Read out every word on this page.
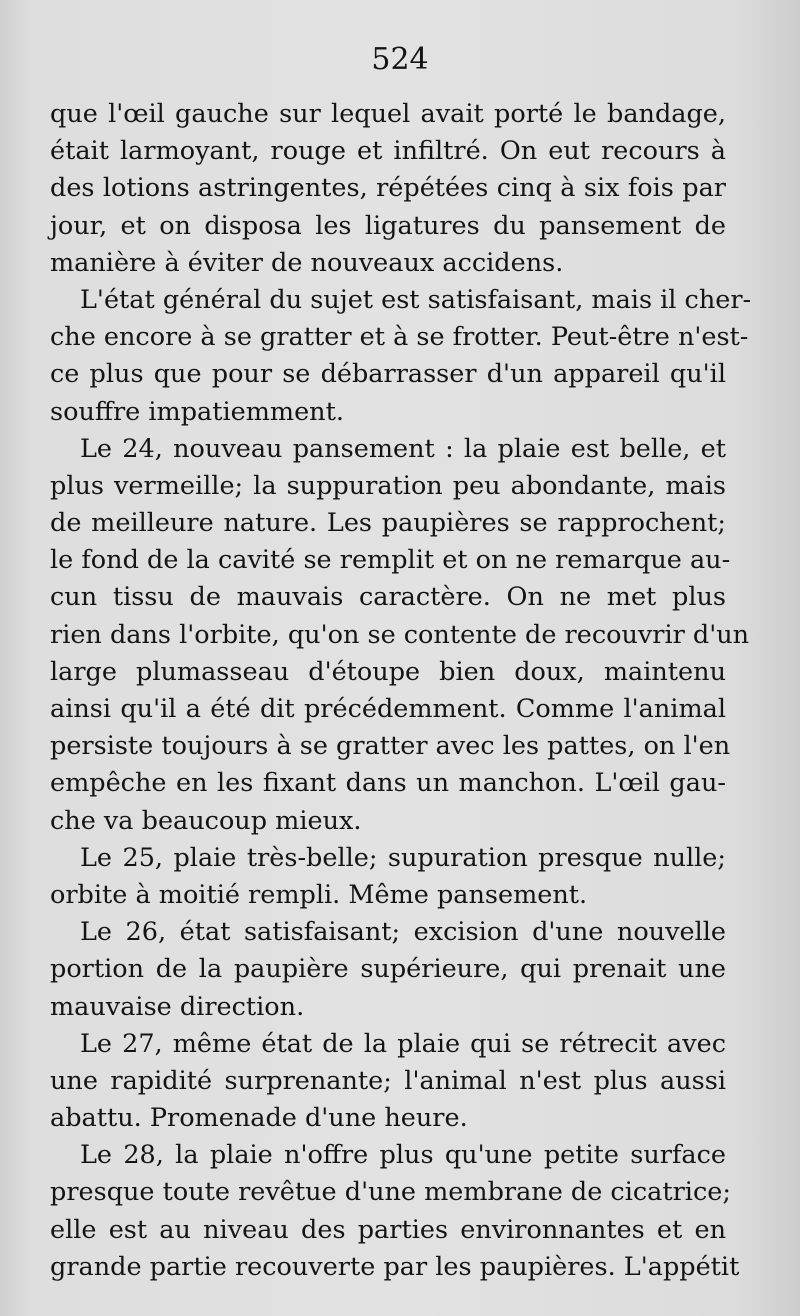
524
que l'œil gauche sur lequel avait porté le bandage,
était larmoyant, rouge et infiltré. On eut recours à
des lotions astringentes, répétées cinq à six fois par
jour, et on disposa les ligatures du pansement de
manière à éviter de nouveaux accidens.
L'état général du sujet est satisfaisant, mais il cher-
che encore à se gratter et à se frotter. Peut-être n'est-
ce plus que pour se débarrasser d'un appareil qu'il
souffre impatiemment.
Le 24, nouveau pansement : la plaie est belle, et
plus vermeille; la suppuration peu abondante, mais
de meilleure nature. Les paupières se rapprochent;
le fond de la cavité se remplit et on ne remarque au-
cun tissu de mauvais caractère. On ne met plus
rien dans l'orbite, qu'on se contente de recouvrir d'un
large plumasseau d'étoupe bien doux, maintenu
ainsi qu'il a été dit précédemment. Comme l'animal
persiste toujours à se gratter avec les pattes, on l'en
empêche en les fixant dans un manchon. L'œil gau-
che va beaucoup mieux.
Le 25, plaie très-belle; supuration presque nulle;
orbite à moitié rempli. Même pansement.
Le 26, état satisfaisant; excision d'une nouvelle
portion de la paupière supérieure, qui prenait une
mauvaise direction.
Le 27, même état de la plaie qui se rétrecit avec
une rapidité surprenante; l'animal n'est plus aussi
abattu. Promenade d'une heure.
Le 28, la plaie n'offre plus qu'une petite surface
presque toute revêtue d'une membrane de cicatrice;
elle est au niveau des parties environnantes et en
grande partie recouverte par les paupières. L'appétit
